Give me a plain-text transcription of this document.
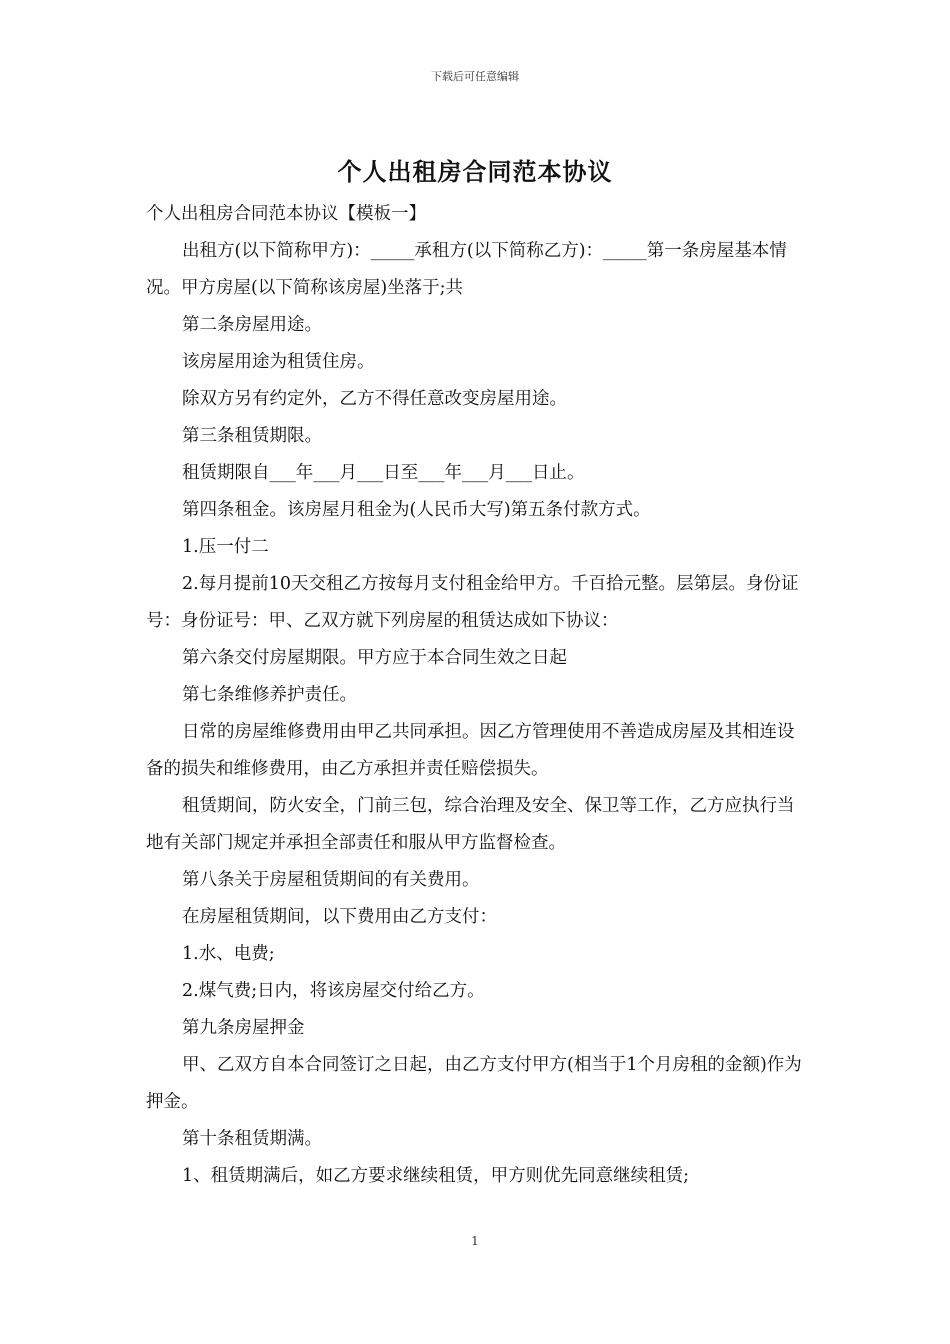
下载后可任意编辑
个人出租房合同范本协议

个人出租房合同范本协议【模板一】

出租方(以下简称甲方)：_____承租方(以下简称乙方)：_____第一条房屋基本情况。甲方房屋(以下简称该房屋)坐落于;共

第二条房屋用途。

该房屋用途为租赁住房。

除双方另有约定外，乙方不得任意改变房屋用途。

第三条租赁期限。

租赁期限自___年___月___日至___年___月___日止。

第四条租金。该房屋月租金为(人民币大写)第五条付款方式。

1.压一付二

2.每月提前10天交租乙方按每月支付租金给甲方。千百拾元整。层第层。身份证号：身份证号：甲、乙双方就下列房屋的租赁达成如下协议：

第六条交付房屋期限。甲方应于本合同生效之日起

第七条维修养护责任。

日常的房屋维修费用由甲乙共同承担。因乙方管理使用不善造成房屋及其相连设备的损失和维修费用，由乙方承担并责任赔偿损失。

租赁期间，防火安全，门前三包，综合治理及安全、保卫等工作，乙方应执行当地有关部门规定并承担全部责任和服从甲方监督检查。

第八条关于房屋租赁期间的有关费用。

在房屋租赁期间，以下费用由乙方支付：

1.水、电费;

2.煤气费;日内，将该房屋交付给乙方。

第九条房屋押金

甲、乙双方自本合同签订之日起，由乙方支付甲方(相当于1个月房租的金额)作为押金。

第十条租赁期满。

1、租赁期满后，如乙方要求继续租赁，甲方则优先同意继续租赁;

1
